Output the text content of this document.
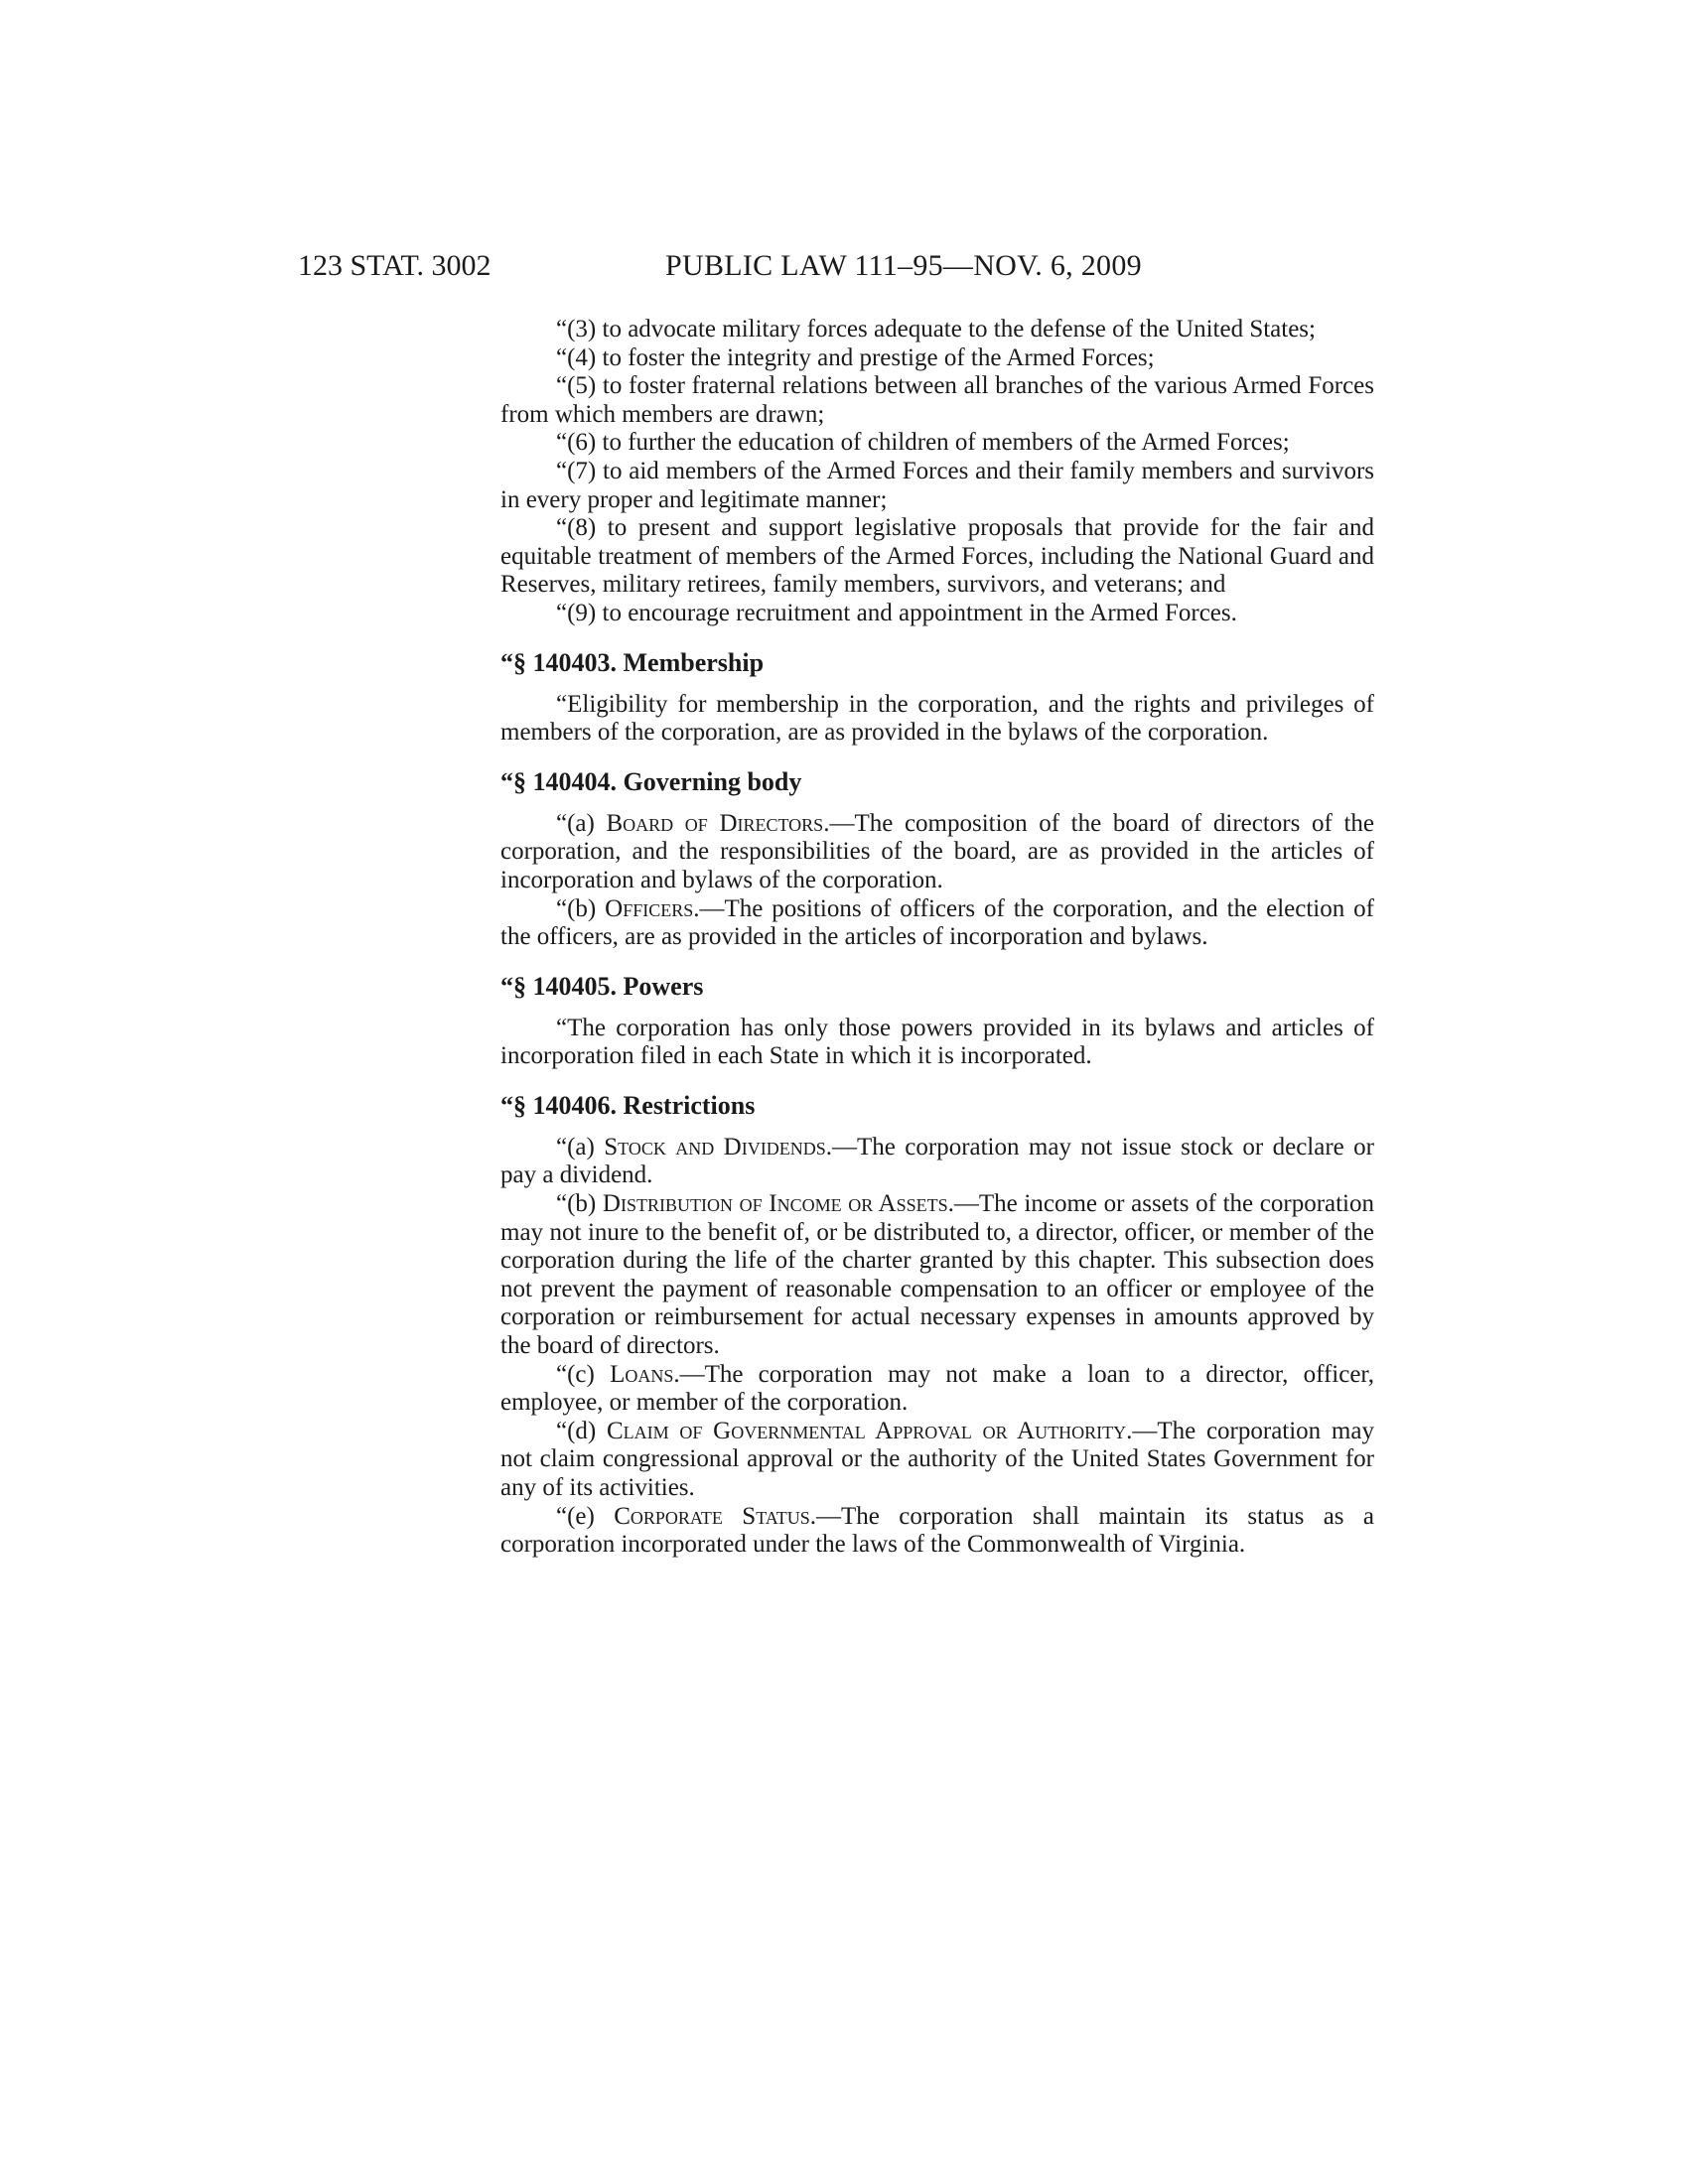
123 STAT. 3002	PUBLIC LAW 111–95—NOV. 6, 2009

“(3) to advocate military forces adequate to the defense of the United States;

“(4) to foster the integrity and prestige of the Armed Forces;

“(5) to foster fraternal relations between all branches of the various Armed Forces from which members are drawn;

“(6) to further the education of children of members of the Armed Forces;

“(7) to aid members of the Armed Forces and their family members and survivors in every proper and legitimate manner;

“(8) to present and support legislative proposals that provide for the fair and equitable treatment of members of the Armed Forces, including the National Guard and Reserves, military retirees, family members, survivors, and veterans; and

“(9) to encourage recruitment and appointment in the Armed Forces.

“§ 140403. Membership

“Eligibility for membership in the corporation, and the rights and privileges of members of the corporation, are as provided in the bylaws of the corporation.

“§ 140404. Governing body

“(a) Board of Directors.—The composition of the board of directors of the corporation, and the responsibilities of the board, are as provided in the articles of incorporation and bylaws of the corporation.

“(b) Officers.—The positions of officers of the corporation, and the election of the officers, are as provided in the articles of incorporation and bylaws.

“§ 140405. Powers

“The corporation has only those powers provided in its bylaws and articles of incorporation filed in each State in which it is incorporated.

“§ 140406. Restrictions

“(a) Stock and Dividends.—The corporation may not issue stock or declare or pay a dividend.

“(b) Distribution of Income or Assets.—The income or assets of the corporation may not inure to the benefit of, or be distributed to, a director, officer, or member of the corporation during the life of the charter granted by this chapter. This subsection does not prevent the payment of reasonable compensation to an officer or employee of the corporation or reimbursement for actual necessary expenses in amounts approved by the board of directors.

“(c) Loans.—The corporation may not make a loan to a director, officer, employee, or member of the corporation.

“(d) Claim of Governmental Approval or Authority.—The corporation may not claim congressional approval or the authority of the United States Government for any of its activities.

“(e) Corporate Status.—The corporation shall maintain its status as a corporation incorporated under the laws of the Commonwealth of Virginia.
